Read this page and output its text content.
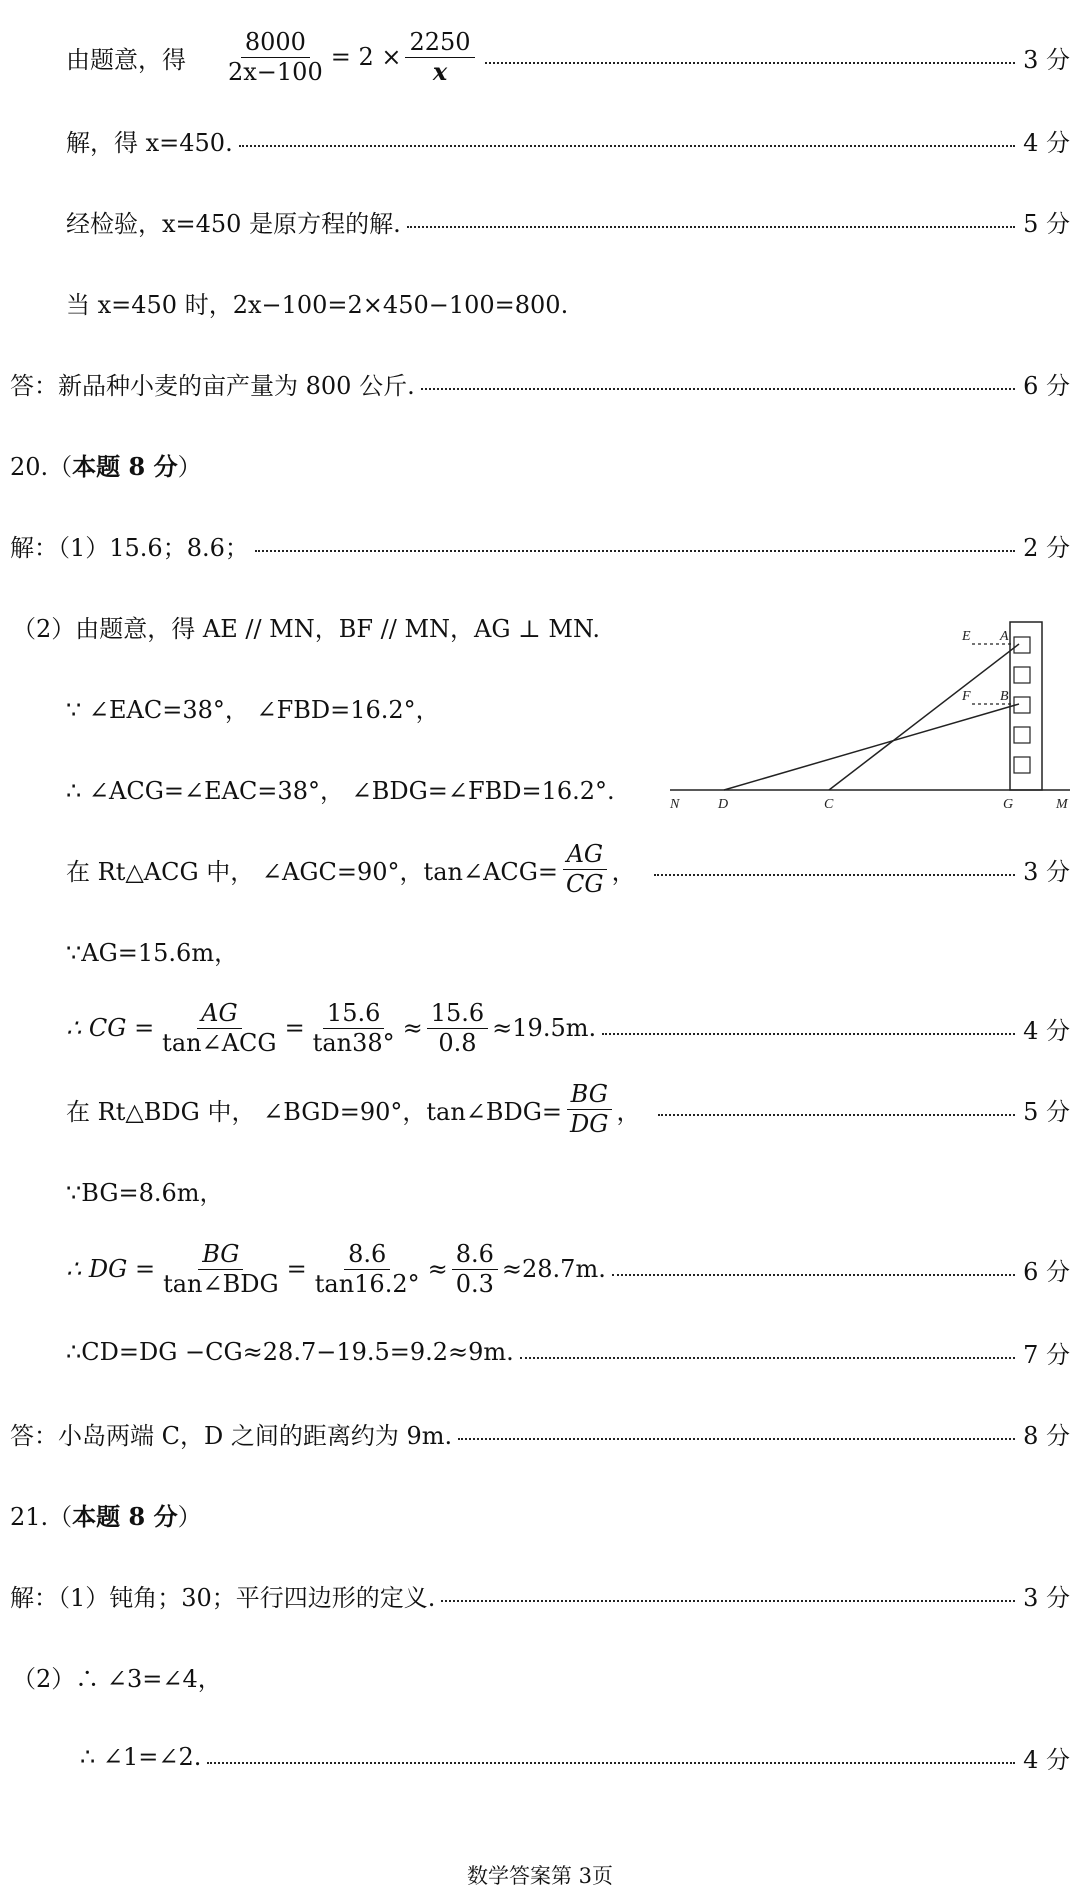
由题意，得 $\frac{8000}{2x-100} = 2 \times \frac{2250}{x}$	3 分
解，得 x=450.	4 分
经检验，x=450 是原方程的解.	5 分
当 x=450 时，2x−100=2×450−100=800.
答：新品种小麦的亩产量为 800 公斤.	6 分
20.（ 本题 8 分 ）
解：（1）15.6；8.6；	2 分
（2）由题意，得 AE // MN，BF // MN，AG ⊥ MN.
∵ ∠EAC=38°， ∠FBD=16.2°，
∴ ∠ACG=∠EAC=38°， ∠BDG=∠FBD=16.2°.
在 Rt△ACG 中， ∠AGC=90°，tan∠ACG= $\frac{AG}{CG}$ ，	3 分
∵AG=15.6m，
∴ CG = $\frac{AG}{\text{tan∠ACG}} = \frac{15.6}{\tan 38^\circ} \approx \frac{15.6}{0.8} \approx 19.5m$.	4 分
在 Rt△BDG 中， ∠BGD=90°，tan∠BDG= $\frac{BG}{DG}$ ，	5 分
∵BG=8.6m，
∴ DG = $\frac{BG}{\text{tan∠BDG}} = \frac{8.6}{\tan 16.2^\circ} \approx \frac{8.6}{0.3} \approx 28.7m$.	6 分
∴CD=DG −CG≈28.7−19.5=9.2≈9m.	7 分
答：小岛两端 C，D 之间的距离约为 9m.	8 分
21.（ 本题 8 分 ）
解：（1）钝角；30；平行四边形的定义.	3 分
（2）∴ ∠3=∠4，
∴ ∠1=∠2.	4 分
E A
F B
N	D	C	G	M
数学答案第 3页
